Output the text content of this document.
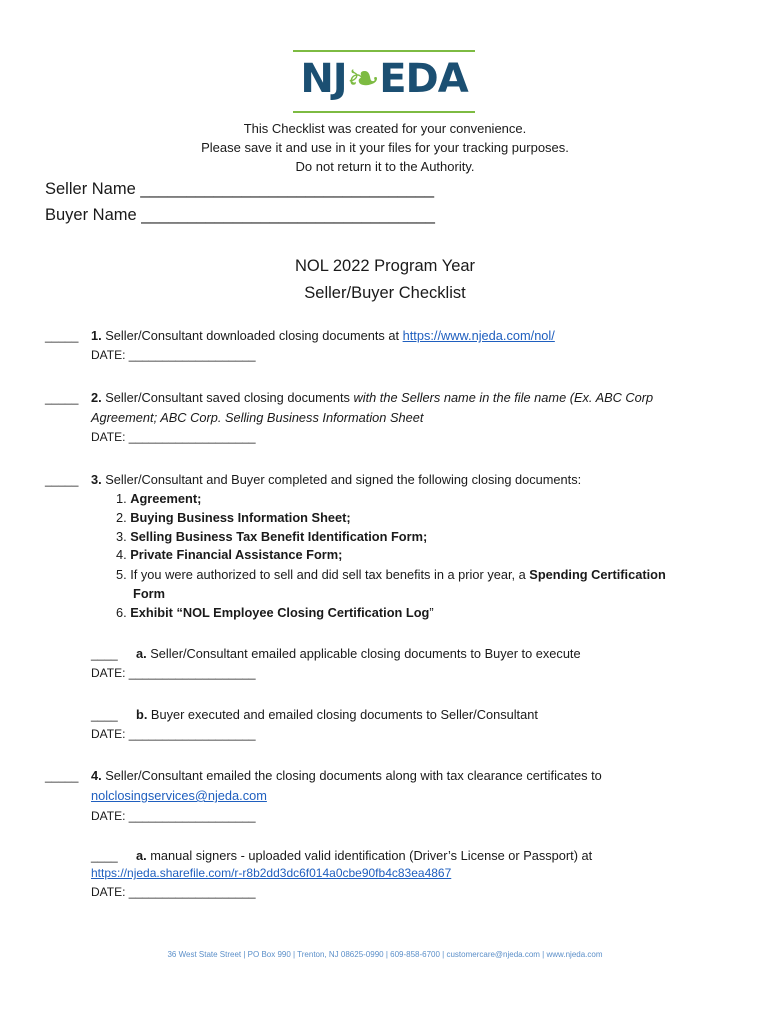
NJ❧EDA
This Checklist was created for your convenience.
Please save it and use in it your files for your tracking purposes.
Do not return it to the Authority.
Seller Name ________________________________
Buyer Name ________________________________
NOL 2022 Program Year
Seller/Buyer Checklist
_____ 1. Seller/Consultant downloaded closing documents at https://www.njeda.com/nol/
DATE: ___________________
_____ 2. Seller/Consultant saved closing documents with the Sellers name in the file name (Ex. ABC Corp
Agreement; ABC Corp. Selling Business Information Sheet
DATE: ___________________
_____ 3. Seller/Consultant and Buyer completed and signed the following closing documents:
1. Agreement;
2. Buying Business Information Sheet;
3. Selling Business Tax Benefit Identification Form;
4. Private Financial Assistance Form;
5. If you were authorized to sell and did sell tax benefits in a prior year, a Spending Certification
Form
6. Exhibit “NOL Employee Closing Certification Log”
____ a. Seller/Consultant emailed applicable closing documents to Buyer to execute
DATE: ___________________
____ b. Buyer executed and emailed closing documents to Seller/Consultant
DATE: ___________________
_____ 4. Seller/Consultant emailed the closing documents along with tax clearance certificates to
nolclosingservices@njeda.com
DATE: ___________________
____ a. manual signers - uploaded valid identification (Driver’s License or Passport) at
https://njeda.sharefile.com/r-r8b2dd3dc6f014a0cbe90fb4c83ea4867
DATE: ___________________
36 West State Street | PO Box 990 | Trenton, NJ 08625-0990 | 609-858-6700 | customercare@njeda.com | www.njeda.com
